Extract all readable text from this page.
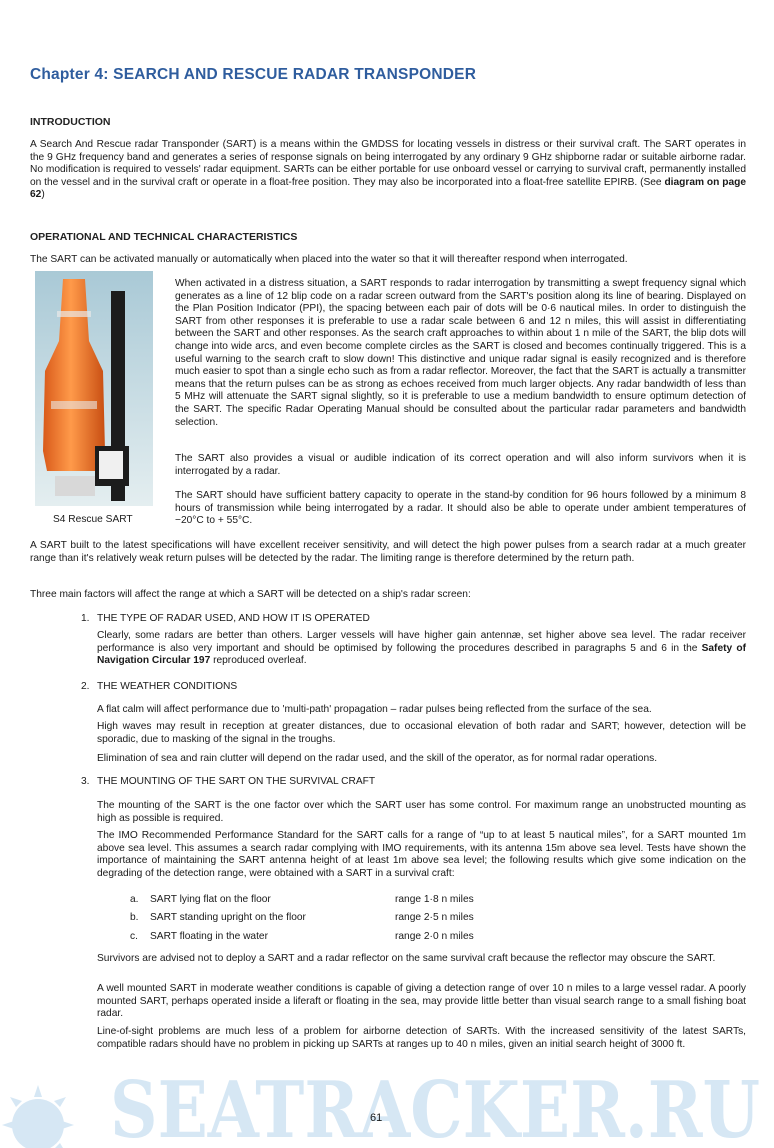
Chapter 4: SEARCH AND RESCUE RADAR TRANSPONDER
INTRODUCTION

A Search And Rescue radar Transponder (SART) is a means within the GMDSS for locating vessels in distress or their survival craft. The SART operates in the 9 GHz frequency band and generates a series of response signals on being interrogated by any ordinary 9 GHz shipborne radar or suitable airborne radar. No modification is required to vessels' radar equipment. SARTs can be either portable for use onboard vessel or carrying to survival craft, permanently installed on the vessel and in the survival craft or operate in a float-free position. They may also be incorporated into a float-free satellite EPIRB. (See diagram on page 62)

OPERATIONAL AND TECHNICAL CHARACTERISTICS

The SART can be activated manually or automatically when placed into the water so that it will thereafter respond when interrogated.

S4 Rescue SART

When activated in a distress situation, a SART responds to radar interrogation by transmitting a swept frequency signal which generates as a line of 12 blip code on a radar screen outward from the SART's position along its line of bearing. Displayed on the Plan Position Indicator (PPI), the spacing between each pair of dots will be 0·6 nautical miles. In order to distinguish the SART from other responses it is preferable to use a radar scale between 6 and 12 n miles, this will assist in differentiating between the SART and other responses. As the search craft approaches to within about 1 n mile of the SART, the blip dots will change into wide arcs, and even become complete circles as the SART is closed and becomes continually triggered. This is a useful warning to the search craft to slow down! This distinctive and unique radar signal is easily recognized and is therefore much easier to spot than a single echo such as from a radar reflector. Moreover, the fact that the SART is actually a transmitter means that the return pulses can be as strong as echoes received from much larger objects. Any radar bandwidth of less than 5 MHz will attenuate the SART signal slightly, so it is preferable to use a medium bandwidth to ensure optimum detection of the SART. The specific Radar Operating Manual should be consulted about the particular radar parameters and bandwidth selection.

The SART also provides a visual or audible indication of its correct operation and will also inform survivors when it is interrogated by a radar.

The SART should have sufficient battery capacity to operate in the stand-by condition for 96 hours followed by a minimum 8 hours of transmission while being interrogated by a radar. It should also be able to operate under ambient temperatures of −20°C to + 55°C.

A SART built to the latest specifications will have excellent receiver sensitivity, and will detect the high power pulses from a search radar at a much greater range than it's relatively weak return pulses will be detected by the radar. The limiting range is therefore determined by the return path.

Three main factors will affect the range at which a SART will be detected on a ship's radar screen:

1. THE TYPE OF RADAR USED, AND HOW IT IS OPERATED

Clearly, some radars are better than others. Larger vessels will have higher gain antennæ, set higher above sea level. The radar receiver performance is also very important and should be optimised by following the procedures described in paragraphs 5 and 6 in the Safety of Navigation Circular 197 reproduced overleaf.

2. THE WEATHER CONDITIONS

A flat calm will affect performance due to 'multi-path' propagation – radar pulses being reflected from the surface of the sea.

High waves may result in reception at greater distances, due to occasional elevation of both radar and SART; however, detection will be sporadic, due to masking of the signal in the troughs.

Elimination of sea and rain clutter will depend on the radar used, and the skill of the operator, as for normal radar operations.

3. THE MOUNTING OF THE SART ON THE SURVIVAL CRAFT

The mounting of the SART is the one factor over which the SART user has some control. For maximum range an unobstructed mounting as high as possible is required.

The IMO Recommended Performance Standard for the SART calls for a range of “up to at least 5 nautical miles”, for a SART mounted 1m above sea level. This assumes a search radar complying with IMO requirements, with its antenna 15m above sea level. Tests have shown the importance of maintaining the SART antenna height of at least 1m above sea level; the following results which give some indication on the degrading of the detection range, were obtained with a SART in a survival craft:

a. SART lying flat on the floor	range 1·8 n miles
b. SART standing upright on the floor	range 2·5 n miles
c. SART floating in the water	range 2·0 n miles

Survivors are advised not to deploy a SART and a radar reflector on the same survival craft because the reflector may obscure the SART.

A well mounted SART in moderate weather conditions is capable of giving a detection range of over 10 n miles to a large vessel radar. A poorly mounted SART, perhaps operated inside a liferaft or floating in the sea, may provide little better than visual search range to a small fishing boat radar.

Line-of-sight problems are much less of a problem for airborne detection of SARTs. With the increased sensitivity of the latest SARTs, compatible radars should have no problem in picking up SARTs at ranges up to 40 n miles, given an initial search height of 3000 ft.

SEATRACKER.RU
61
